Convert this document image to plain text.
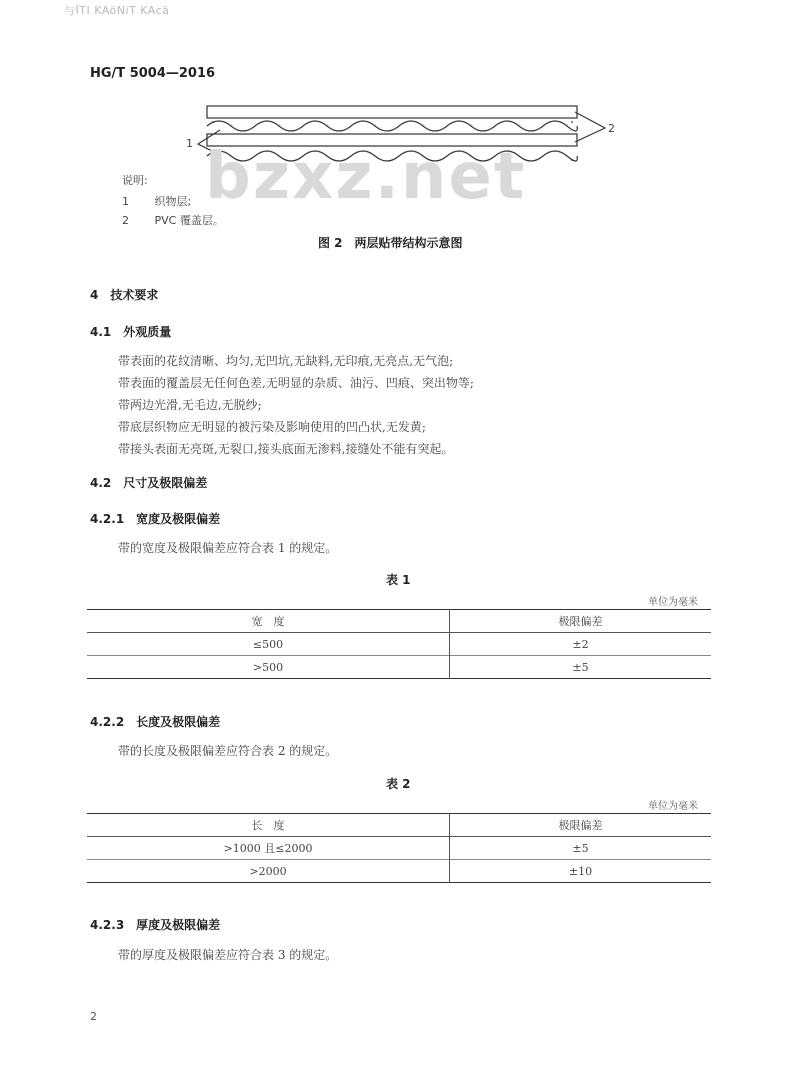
与ÏTI KAöNiT KAcä
HG/T 5004—2016
1
2
bzxz.net
说明:
1 织物层;
2 PVC 覆盖层。
图 2　两层贴带结构示意图
4　技术要求
4.1　外观质量
带表面的花纹清晰、均匀,无凹坑,无缺料,无印痕,无亮点,无气泡;
带表面的覆盖层无任何色差,无明显的杂质、油污、凹痕、突出物等;
带两边光滑,无毛边,无脱纱;
带底层织物应无明显的被污染及影响使用的凹凸状,无发黄;
带接头表面无亮斑,无裂口,接头底面无渗料,接缝处不能有突起。
4.2　尺寸及极限偏差
4.2.1　宽度及极限偏差
带的宽度及极限偏差应符合表 1 的规定。
表 1
单位为毫米
宽　度	极限偏差
≤500	±2
>500	±5
4.2.2　长度及极限偏差
带的长度及极限偏差应符合表 2 的规定。
表 2
单位为毫米
长　度	极限偏差
>1000 且≤2000	±5
>2000	±10
4.2.3　厚度及极限偏差
带的厚度及极限偏差应符合表 3 的规定。
2
